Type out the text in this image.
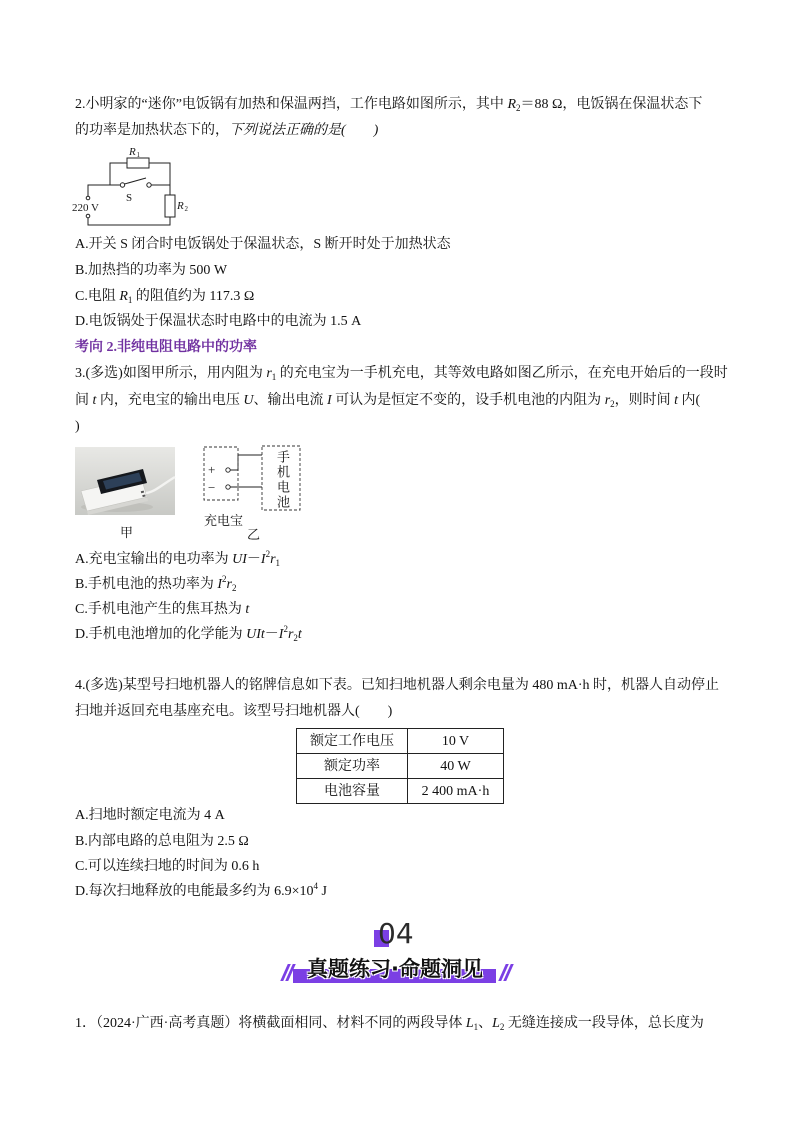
2.小明家的“迷你”电饭锅有加热和保温两挡，工作电路如图所示，其中 $R_2=88$ Ω，电饭锅在保温状态下
的功率是加热状态下的，下列说法正确的是(　　)
R 1
S
220 V	R 2
A.开关 S 闭合时电饭锅处于保温状态，S 断开时处于加热状态
B.加热挡的功率为 500 W
C.电阻 $R_1$ 的阻值约为 117.3 Ω
D.电饭锅处于保温状态时电路中的电流为 1.5 A
考向 2.非纯电阻电路中的功率
3.(多选)如图甲所示，用内阻为 $r_1$ 的充电宝为一手机充电，其等效电路如图乙所示，在充电开始后的一段时
间 t 内，充电宝的输出电压 U、输出电流 I 可认为是恒定不变的，设手机电池的内阻为 $r_2$，则时间 t 内(
)
甲
+
−	手机电池
充电宝
乙
A.充电宝输出的电功率为 $UI-I^2r_1$
B.手机电池的热功率为 $I^2r_2$
C.手机电池产生的焦耳热为 t
D.手机电池增加的化学能为 $UIt-I^2r_2t$
4.(多选)某型号扫地机器人的铭牌信息如下表。已知扫地机器人剩余电量为 480 mA·h 时，机器人自动停止
扫地并返回充电基座充电。该型号扫地机器人(　　)
额定工作电压	10 V
额定功率	40 W
电池容量	2 400 mA·h
A.扫地时额定电流为 4 A
B.内部电路的总电阻为 2.5 Ω
C.可以连续扫地的时间为 0.6 h
D.每次扫地释放的电能最多约为 $6.9\times 10^4$ J
04
真题练习·命题洞见
1．（2024·广西·高考真题）将横截面相同、材料不同的两段导体 $L_1$、$L_2$ 无缝连接成一段导体，总长度为
